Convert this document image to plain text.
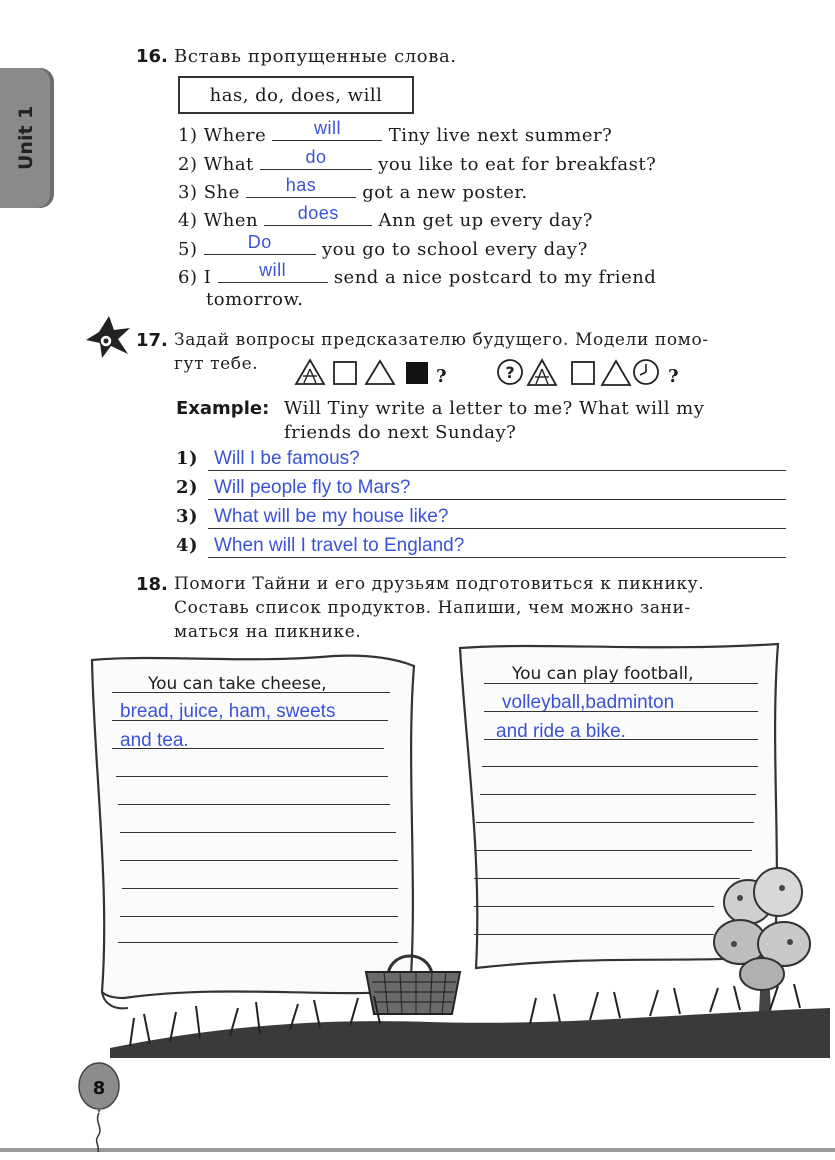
Unit 1
16. Вставь пропущенные слова.
has, do, does, will
1) Where	will	Tiny live next summer?
2) What	do	you like to eat for breakfast?
3) She	has	got a new poster.
4) When	does	Ann get up every day?
5)	Do	you go to school every day?
6) I	will	send a nice postcard to my friend
tomorrow.
17. Задай вопросы предсказателю будущего. Модели помо-
гут тебе.
?	?	?
Example: Will Tiny write a letter to me? What will my
friends do next Sunday?
1) Will I be famous?
2) Will people fly to Mars?
3) What will be my house like?
4) When will I travel to England?
18. Помоги Тайни и его друзьям подготовиться к пикнику.
Составь список продуктов. Напиши, чем можно зани-
маться на пикнике.
You can take cheese,
bread, juice, ham, sweets
and tea.
You can play football,
volleyball,badminton
and ride a bike.
8
